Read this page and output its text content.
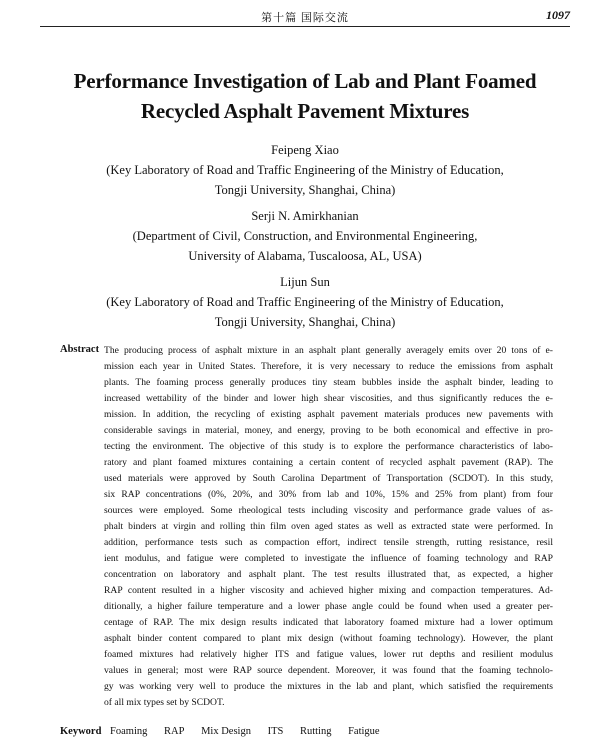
第十篇 国际交流	1097
Performance Investigation of Lab and Plant Foamed
Recycled Asphalt Pavement Mixtures
Feipeng Xiao
(Key Laboratory of Road and Traffic Engineering of the Ministry of Education,
Tongji University, Shanghai, China)
Serji N. Amirkhanian
(Department of Civil, Construction, and Environmental Engineering,
University of Alabama, Tuscaloosa, AL, USA)
Lijun Sun
(Key Laboratory of Road and Traffic Engineering of the Ministry of Education,
Tongji University, Shanghai, China)
Abstract The producing process of asphalt mixture in an asphalt plant generally averagely emits over 20 tons of e-
mission each year in United States. Therefore, it is very necessary to reduce the emissions from asphalt
plants. The foaming process generally produces tiny steam bubbles inside the asphalt binder, leading to
increased wettability of the binder and lower high shear viscosities, and thus significantly reduces the e-
mission. In addition, the recycling of existing asphalt pavement materials produces new pavements with
considerable savings in material, money, and energy, proving to be both economical and effective in pro-
tecting the environment. The objective of this study is to explore the performance characteristics of labo-
ratory and plant foamed mixtures containing a certain content of recycled asphalt pavement (RAP). The
used materials were approved by South Carolina Department of Transportation (SCDOT). In this study,
six RAP concentrations (0%, 20%, and 30% from lab and 10%, 15% and 25% from plant) from four
sources were employed. Some rheological tests including viscosity and performance grade values of as-
phalt binders at virgin and rolling thin film oven aged states as well as extracted state were performed. In
addition, performance tests such as compaction effort, indirect tensile strength, rutting resistance, resil
ient modulus, and fatigue were completed to investigate the influence of foaming technology and RAP
concentration on laboratory and asphalt plant. The test results illustrated that, as expected, a higher
RAP content resulted in a higher viscosity and achieved higher mixing and compaction temperatures. Ad-
ditionally, a higher failure temperature and a lower phase angle could be found when used a greater per-
centage of RAP. The mix design results indicated that laboratory foamed mixture had a lower optimum
asphalt binder content compared to plant mix design (without foaming technology). However, the plant
foamed mixtures had relatively higher ITS and fatigue values, lower rut depths and resilient modulus
values in general; most were RAP source dependent. Moreover, it was found that the foaming technolo-
gy was working very well to produce the mixtures in the lab and plant, which satisfied the requirements
of all mix types set by SCDOT.
Keyword Foaming RAP Mix Design ITS Rutting Fatigue
